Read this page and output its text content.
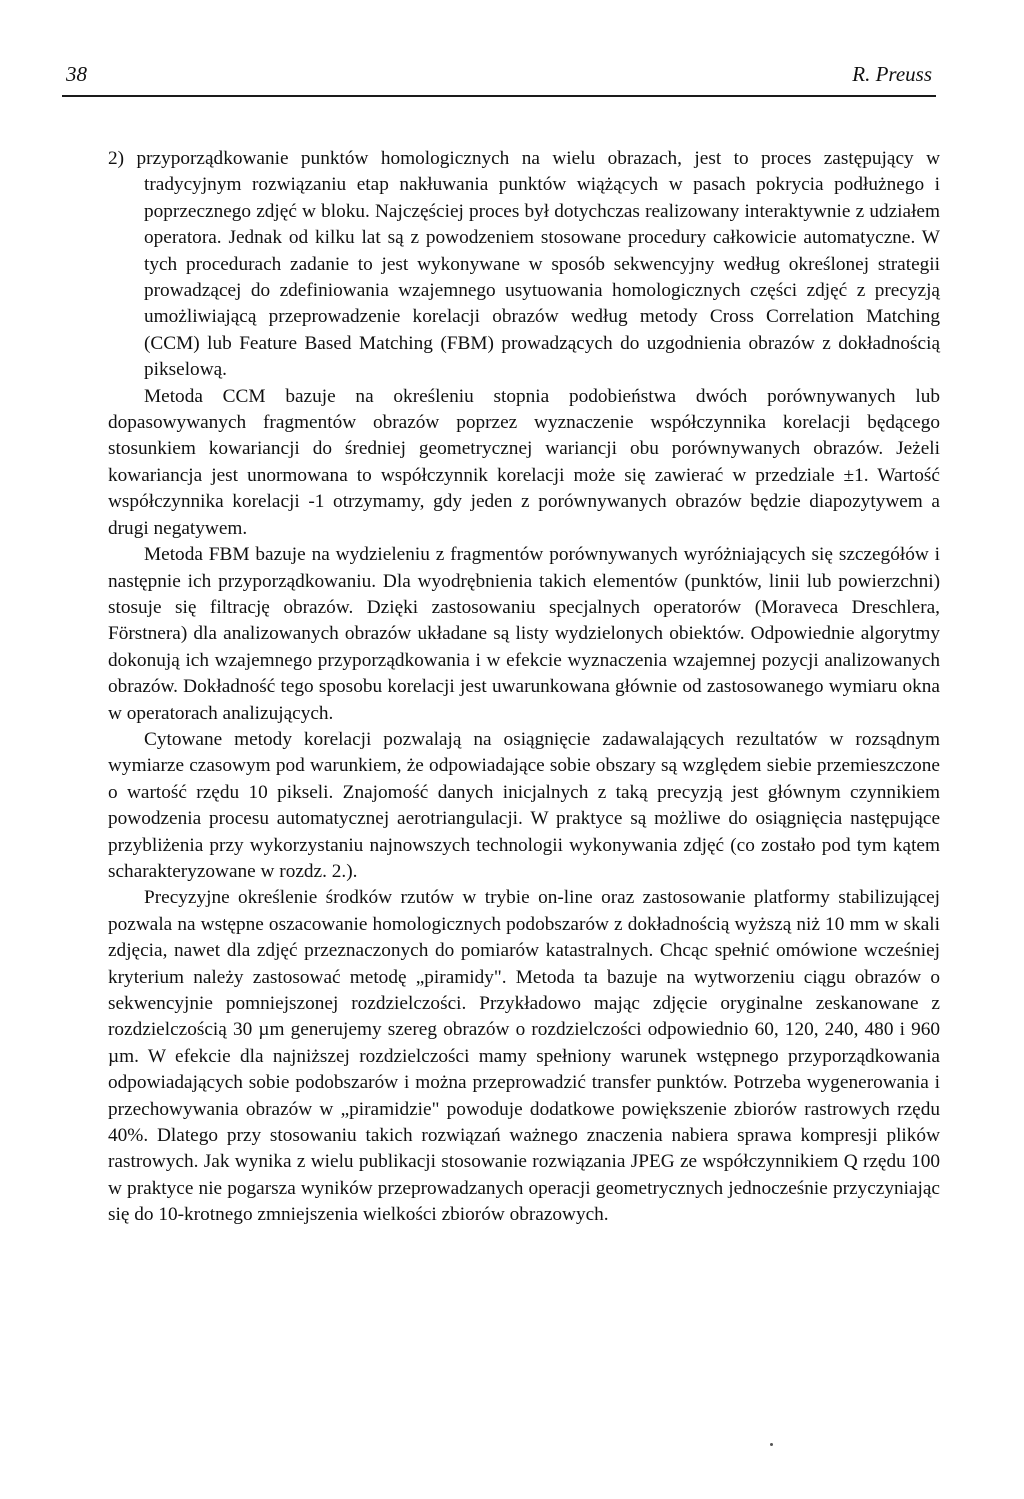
38	R. Preuss

2) przyporządkowanie punktów homologicznych na wielu obrazach, jest to proces zastępujący w tradycyjnym rozwiązaniu etap nakłuwania punktów wiążących w pasach pokrycia podłużnego i poprzecznego zdjęć w bloku. Najczęściej proces był dotychczas realizowany interaktywnie z udziałem operatora. Jednak od kilku lat są z powodzeniem stosowane procedury całkowicie automatyczne. W tych procedurach zadanie to jest wykonywane w sposób sekwencyjny według określonej strategii prowadzącej do zdefiniowania wzajemnego usytuowania homologicznych części zdjęć z precyzją umożliwiającą przeprowadzenie korelacji obrazów według metody Cross Correlation Matching (CCM) lub Feature Based Matching (FBM) prowadzących do uzgodnienia obrazów z dokładnością pikselową.

Metoda CCM bazuje na określeniu stopnia podobieństwa dwóch porównywanych lub dopasowywanych fragmentów obrazów poprzez wyznaczenie współczynnika korelacji będącego stosunkiem kowariancji do średniej geometrycznej wariancji obu porównywanych obrazów. Jeżeli kowariancja jest unormowana to współczynnik korelacji może się zawierać w przedziale ±1. Wartość współczynnika korelacji -1 otrzymamy, gdy jeden z porównywanych obrazów będzie diapozytywem a drugi negatywem.

Metoda FBM bazuje na wydzieleniu z fragmentów porównywanych wyróżniających się szczegółów i następnie ich przyporządkowaniu. Dla wyodrębnienia takich elementów (punktów, linii lub powierzchni) stosuje się filtrację obrazów. Dzięki zastosowaniu specjalnych operatorów (Moraveca Dreschlera, Förstnera) dla analizowanych obrazów układane są listy wydzielonych obiektów. Odpowiednie algorytmy dokonują ich wzajemnego przyporządkowania i w efekcie wyznaczenia wzajemnej pozycji analizowanych obrazów. Dokładność tego sposobu korelacji jest uwarunkowana głównie od zastosowanego wymiaru okna w operatorach analizujących.

Cytowane metody korelacji pozwalają na osiągnięcie zadawalających rezultatów w rozsądnym wymiarze czasowym pod warunkiem, że odpowiadające sobie obszary są względem siebie przemieszczone o wartość rzędu 10 pikseli. Znajomość danych inicjalnych z taką precyzją jest głównym czynnikiem powodzenia procesu automatycznej aerotriangulacji. W praktyce są możliwe do osiągnięcia następujące przybliżenia przy wykorzystaniu najnowszych technologii wykonywania zdjęć (co zostało pod tym kątem scharakteryzowane w rozdz. 2.).

Precyzyjne określenie środków rzutów w trybie on-line oraz zastosowanie platformy stabilizującej pozwala na wstępne oszacowanie homologicznych podobszarów z dokładnością wyższą niż 10 mm w skali zdjęcia, nawet dla zdjęć przeznaczonych do pomiarów katastralnych. Chcąc spełnić omówione wcześniej kryterium należy zastosować metodę „piramidy". Metoda ta bazuje na wytworzeniu ciągu obrazów o sekwencyjnie pomniejszonej rozdzielczości. Przykładowo mając zdjęcie oryginalne zeskanowane z rozdzielczością 30 µm generujemy szereg obrazów o rozdzielczości odpowiednio 60, 120, 240, 480 i 960 µm. W efekcie dla najniższej rozdzielczości mamy spełniony warunek wstępnego przyporządkowania odpowiadających sobie podobszarów i można przeprowadzić transfer punktów. Potrzeba wygenerowania i przechowywania obrazów w „piramidzie" powoduje dodatkowe powiększenie zbiorów rastrowych rzędu 40%. Dlatego przy stosowaniu takich rozwiązań ważnego znaczenia nabiera sprawa kompresji plików rastrowych. Jak wynika z wielu publikacji stosowanie rozwiązania JPEG ze współczynnikiem Q rzędu 100 w praktyce nie pogarsza wyników przeprowadzanych operacji geometrycznych jednocześnie przyczyniając się do 10-krotnego zmniejszenia wielkości zbiorów obrazowych.
